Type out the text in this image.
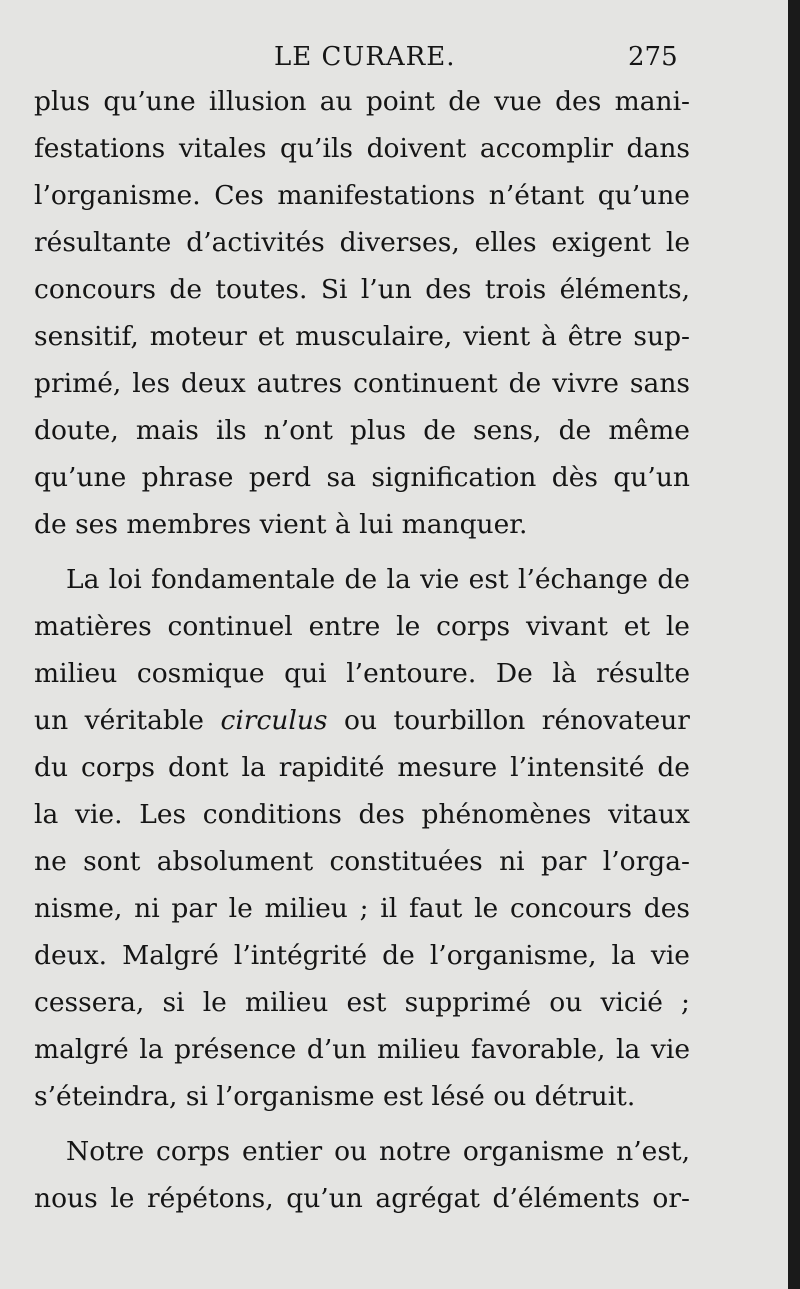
LE CURARE.	275
plus qu’une illusion au point de vue des mani-
festations vitales qu’ils doivent accomplir dans
l’organisme. Ces manifestations n’étant qu’une
résultante d’activités diverses, elles exigent le
concours de toutes. Si l’un des trois éléments,
sensitif, moteur et musculaire, vient à être sup-
primé, les deux autres continuent de vivre sans
doute, mais ils n’ont plus de sens, de même
qu’une phrase perd sa signification dès qu’un
de ses membres vient à lui manquer.
La loi fondamentale de la vie est l’échange de
matières continuel entre le corps vivant et le
milieu cosmique qui l’entoure. De là résulte
un véritable circulus ou tourbillon rénovateur
du corps dont la rapidité mesure l’intensité de
la vie. Les conditions des phénomènes vitaux
ne sont absolument constituées ni par l’orga-
nisme, ni par le milieu ; il faut le concours des
deux. Malgré l’intégrité de l’organisme, la vie
cessera, si le milieu est supprimé ou vicié ;
malgré la présence d’un milieu favorable, la vie
s’éteindra, si l’organisme est lésé ou détruit.
Notre corps entier ou notre organisme n’est,
nous le répétons, qu’un agrégat d’éléments or-
